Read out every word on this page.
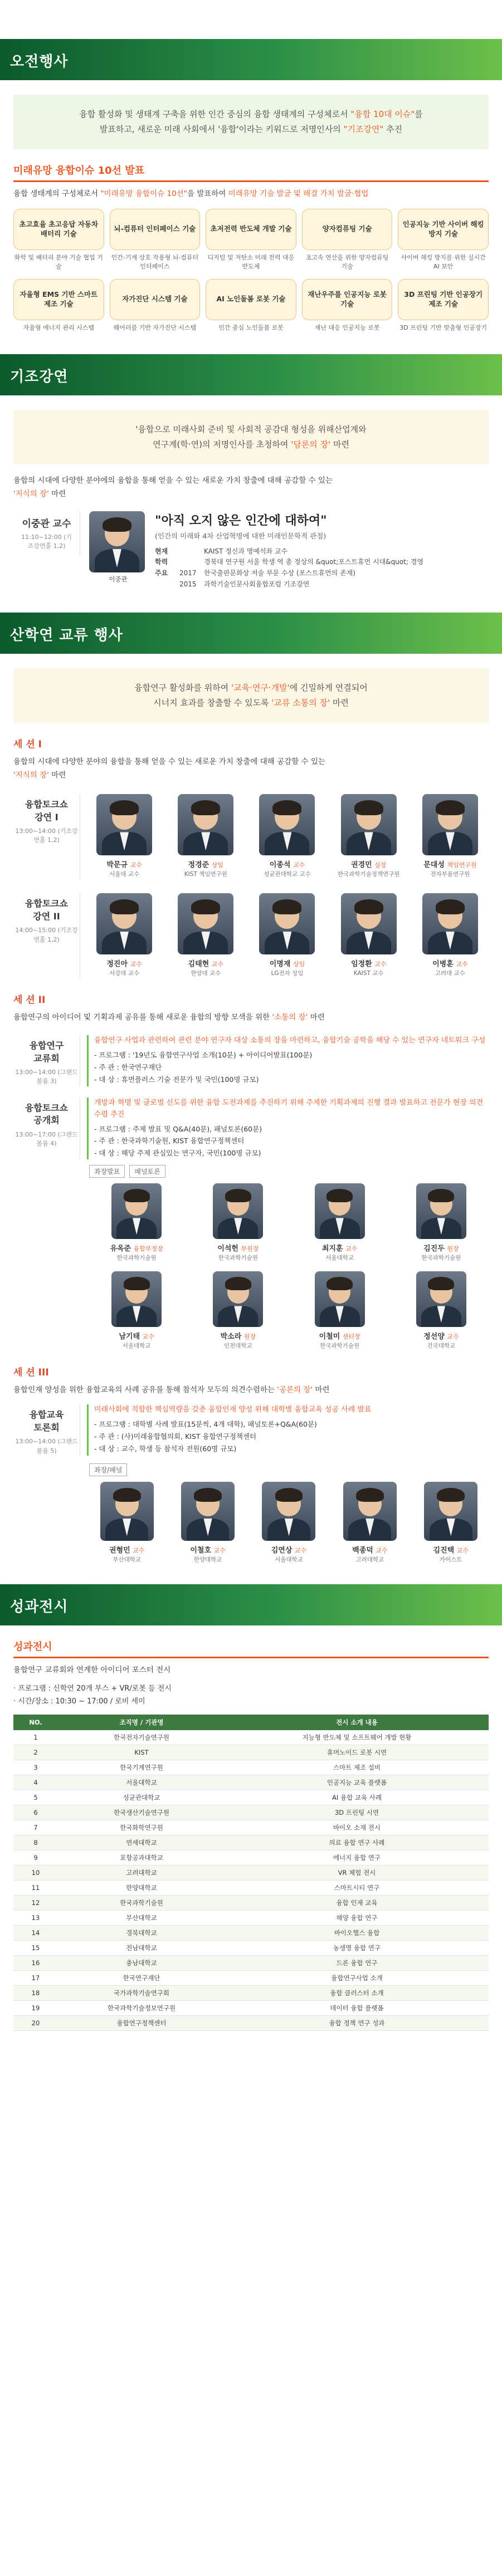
오전행사
융합 활성화 및 생태계 구축을 위한 인간 중심의 융합 생태계의 구성체로서 "융합 10대 이슈"를
발표하고, 새로운 미래 사회에서 '융합'이라는 키워드로 저명인사의 "기조강연" 추진
미래유망 융합이슈 10선 발표
융합 생태계의 구성체로서 "미래유망 융합이슈 10선"을 발표하여 미래유망 기술 발굴 및 해결 가치 발굴·협업
초고효율 초고응답 자동차 배터리 기술
화학 및 배터리 분야 기술 협업 기술
뇌-컴퓨터 인터페이스 기술
인간-기계 상호 작용형 뇌-컴퓨터 인터페이스
초저전력 반도체 개발 기술
디지털 및 저탄소 미래 전력 대응 반도체
양자컴퓨팅 기술
초고속 연산을 위한 양자컴퓨팅 기술
인공지능 기반 사이버 해킹 방지 기술
사이버 해킹 방지를 위한 실시간 AI 보안
자율형 EMS 기반 스마트 제조 기술
자율형 에너지 관리 시스템
자가진단 시스템 기술
웨어러블 기반 자가진단 시스템
AI 노인돌봄 로봇 기술
인간 중심 노인돌봄 로봇
재난우주를 인공지능 로봇 기술
재난 대응 인공지능 로봇
3D 프린팅 기반 인공장기 제조 기술
3D 프린팅 기반 맞춤형 인공장기
기조강연
'융합으로 미래사회 준비 및 사회적 공감대 형성을 위해산업계와
연구계(학·연)의 저명인사를 초청하여 '담론의 장' 마련
융합의 시대에 다양한 분야에의 융합을 통해 얻을 수 있는 새로운 가치 창출에 대해 공감할 수 있는
'지식의 장' 마련
이중관 교수
11:10~12:00 (기조강연홀 1,2)
이중관
"아직 오지 않은 인간에 대하여"
(인간의 미래와 4차 산업혁명에 대한 미래인문학적 관점)
현재	KAIST 정신과 명예석좌 교수
학력	경북대 연구원 서울 학생 역 총 정상의 &quot;포스트휴먼 시대&quot; 경영
주요	2017	한국출판문화상 저술 부문 수상 (포스트휴먼의 존재)
2015	과학기술인문사회융합포럼 기조강연
산학연 교류 행사
융합연구 활성화를 위하여 '교육·연구·개발'에 긴밀하게 연결되어
시너지 효과를 창출할 수 있도록 '교류 소통의 장' 마련
세 션 I
융합의 시대에 다양한 분야의 융합을 통해 얻을 수 있는 새로운 가치 창출에 대해 공감할 수 있는
'지식의 장' 마련
융합토크쇼
강연 I
13:00~14:00 (기조강연홀 1,2)
박문규 교수
서울대 교수
정경준 상임
KIST 책임연구원
이종석 교수
성균관대학교 교수
권경민 실장
한국과학기술정책연구원
문대성 책임연구원
전자부품연구원
융합토크쇼
강연 II
14:00~15:00 (기조강연홀 1,2)
정진아 교수
서강대 교수
김태현 교수
한양대 교수
이명재 상임
LG전자 상임
임정환 교수
KAIST 교수
이병훈 교수
고려대 교수
세 션 II
융합연구의 아이디어 및 기획과제 공유를 통해 새로운 융합의 방향 모색을 위한 '소통의 장' 마련
융합연구
교류회
13:00~14:00 (그랜드볼룸 3)
융합연구 사업과 관련하여 관련 분야 연구자 대상 소통의 장을 마련하고, 융합기술 공학을 해당 수 있는 연구자 네트워크 구성
- 프로그램 : '19년도 융합연구사업 소개(10분) + 아이디어발표(100분)
- 주 관 : 한국연구재단
- 대 상 : 휴먼플러스 기술 전문가 및 국민(100명 규모)
융합토크쇼
공개회
13:00~17:00 (그랜드볼룸 4)
개방과 혁명 및 글로벌 신도를 위한 융합 도전과제를 추진하기 위해 주제한 기획과제의 진행 결과 발표하고 전문가 현장 의견수렴 추진
- 프로그램 : 주제 발표 및 Q&A(40분), 패널토론(60분)
- 주 관 : 한국과학기술원, KIST 융합연구정책센터
- 대 상 : 해당 주제 관심있는 연구자, 국민(100명 규모)
좌장발표	패널토론
유옥준 융합부정장
한국과학기술원
이석헌 부원장
한국과학기술원
최지훈 교수
서울대학교
김진두 원장
한국과학기술원
남기태 교수
서울대학교
박소라 원장
인천대학교
이철미 센터장
한국과학기술원
정선양 교수
건국대학교
세 션 III
융합인재 양성을 위한 융합교육의 사례 공유를 통해 참석자 모두의 의견수렴하는 '공론의 장' 마련
융합교육
토론회
13:00~14:00 (그랜드볼룸 5)
미래사회에 적합한 핵심역량을 갖춘 융합인재 양성 위해 대학별 융합교육 성공 사례 발표
- 프로그램 : 대학별 사례 발표(15분씩, 4개 대학), 패널토론+Q&A(60분)
- 주 관 : (사)미래융합협의회, KIST 융합연구정책센터
- 대 상 : 교수, 학생 등 참석자 전원(60명 규모)
좌장/패널
권형민 교수
부산대학교
이철호 교수
한양대학교
김연상 교수
서울대학교
백종덕 교수
고려대학교
김진택 교수
카이스트
성과전시
성과전시
융합연구 교류회와 연계한 아이디어 포스터 전시
· 프로그램 : 신학연 20개 부스 + VR/로봇 등 전시
· 시간/장소 : 10:30 ~ 17:00 / 로비 세미
NO.	조직명 / 기관명	전시 소개 내용
1	한국전자기술연구원	지능형 반도체 및 소프트웨어 개발 현황
2	KIST	휴머노이드 로봇 시연
3	한국기계연구원	스마트 제조 설비
4	서울대학교	인공지능 교육 플랫폼
5	성균관대학교	AI 융합 교육 사례
6	한국생산기술연구원	3D 프린팅 시연
7	한국화학연구원	바이오 소재 전시
8	연세대학교	의료 융합 연구 사례
9	포항공과대학교	에너지 융합 연구
10	고려대학교	VR 체험 전시
11	한양대학교	스마트시티 연구
12	한국과학기술원	융합 인재 교육
13	부산대학교	해양 융합 연구
14	경북대학교	바이오헬스 융합
15	전남대학교	농생명 융합 연구
16	충남대학교	드론 융합 연구
17	한국연구재단	융합연구사업 소개
18	국가과학기술연구회	융합 클러스터 소개
19	한국과학기술정보연구원	데이터 융합 플랫폼
20	융합연구정책센터	융합 정책 연구 성과
